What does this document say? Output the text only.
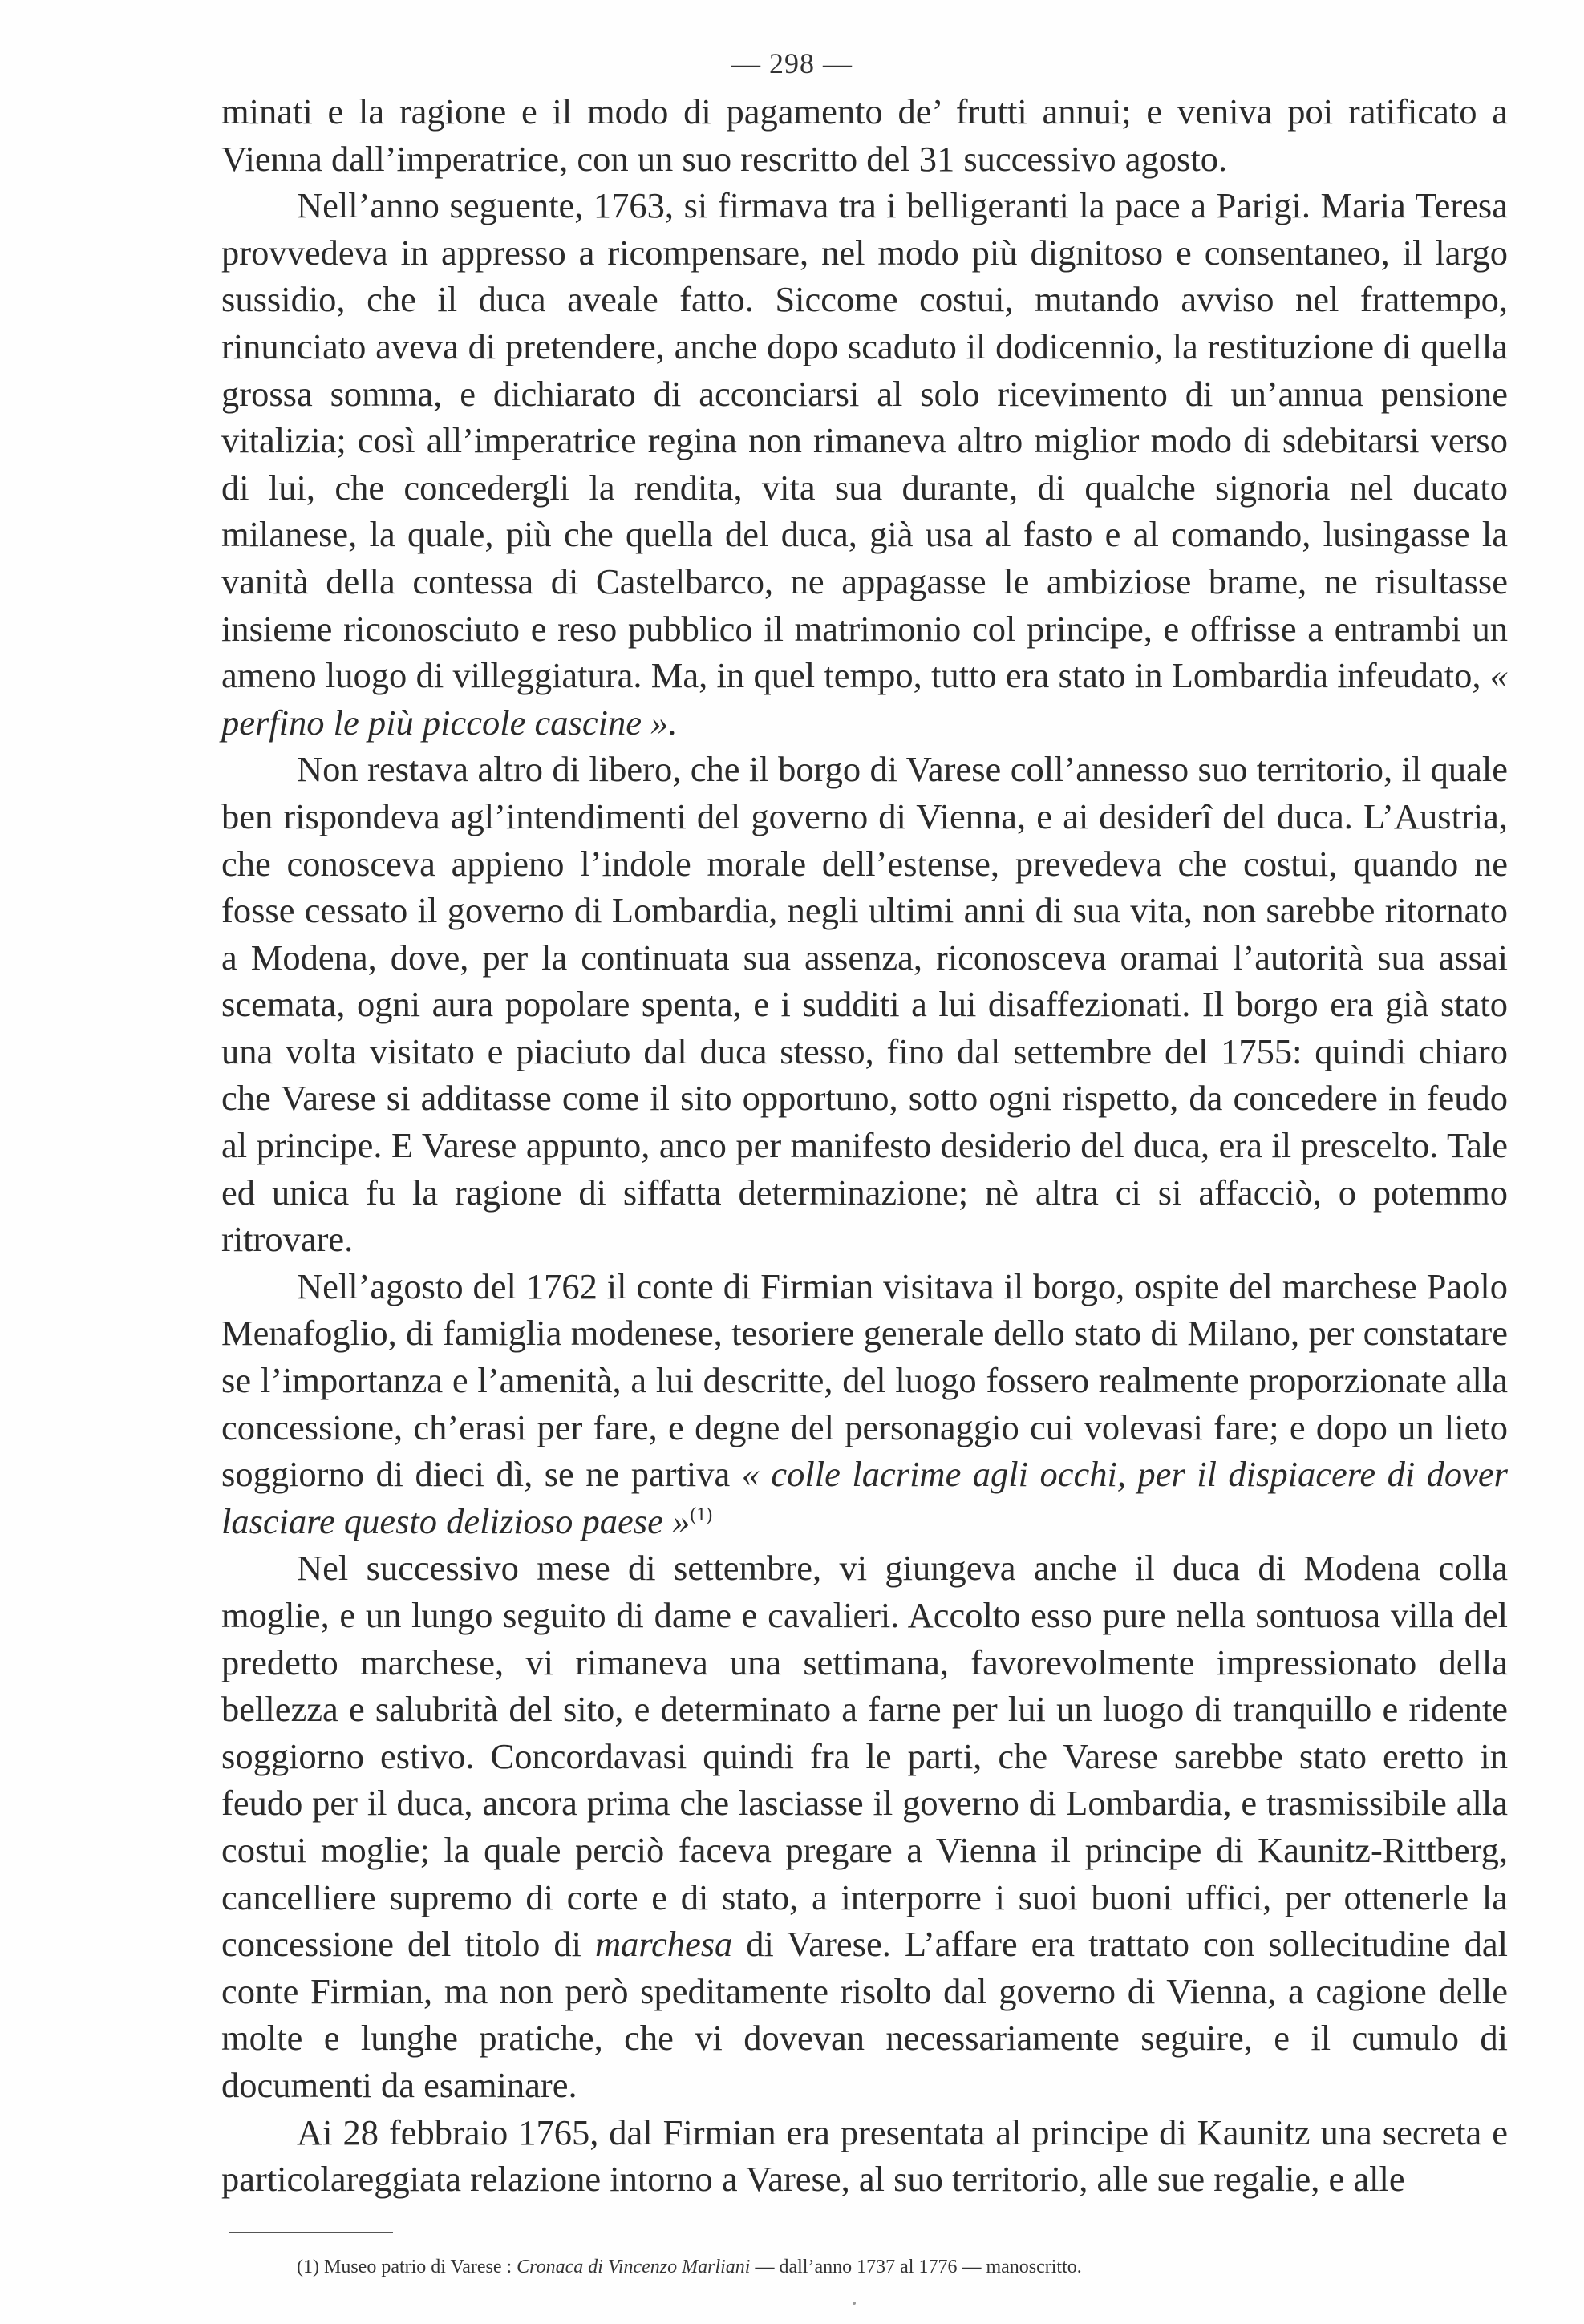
— 298 —

minati e la ragione e il modo di pagamento de’ frutti annui; e veniva poi ratificato a Vienna dall’imperatrice, con un suo rescritto del 31 successivo agosto.

Nell’anno seguente, 1763, si firmava tra i belligeranti la pace a Parigi. Maria Teresa provvedeva in appresso a ricompensare, nel modo più dignitoso e consentaneo, il largo sussidio, che il duca avealе fatto. Siccome costui, mutando avviso nel frattempo, rinunciato aveva di pretendere, anche dopo scaduto il dodicennio, la restituzione di quella grossa somma, e dichiarato di acconciarsi al solo ricevimento di un’annua pensione vitalizia; così all’imperatrice regina non rimaneva altro miglior modo di sdebitarsi verso di lui, che concedergli la rendita, vita sua durante, di qualche signoria nel ducato milanese, la quale, più che quella del duca, già usa al fasto e al comando, lusingasse la vanità della contessa di Castelbarco, ne appagasse le ambiziose brame, ne risultasse insieme riconosciuto e reso pubblico il matrimonio col principe, e offrisse a entrambi un ameno luogo di villeggiatura. Ma, in quel tempo, tutto era stato in Lombardia infeudato, « perfino le più piccole cascine ».

Non restava altro di libero, che il borgo di Varese coll’annesso suo territorio, il quale ben rispondeva agl’intendimenti del governo di Vienna, e ai desiderî del duca. L’Austria, che conosceva appieno l’indole morale dell’estense, prevedeva che costui, quando ne fosse cessato il governo di Lombardia, negli ultimi anni di sua vita, non sarebbe ritornato a Modena, dove, per la continuata sua assenza, riconosceva oramai l’autorità sua assai scemata, ogni aura popolare spenta, e i sudditi a lui disaffezionati. Il borgo era già stato una volta visitato e piaciuto dal duca stesso, fino dal settembre del 1755: quindi chiaro che Varese si additasse come il sito opportuno, sotto ogni rispetto, da concedere in feudo al principe. E Varese appunto, anco per manifesto desiderio del duca, era il prescelto. Tale ed unica fu la ragione di siffatta determinazione; nè altra ci si affacciò, o potemmo ritrovare.

Nell’agosto del 1762 il conte di Firmian visitava il borgo, ospite del marchese Paolo Menafoglio, di famiglia modenese, tesoriere generale dello stato di Milano, per constatare se l’importanza e l’amenità, a lui descritte, del luogo fossero realmente proporzionate alla concessione, ch’erasi per fare, e degne del personaggio cui volevasi fare; e dopo un lieto soggiorno di dieci dì, se ne partiva « colle lacrime agli occhi, per il dispiacere di dover lasciare questo delizioso paese »$^{(1)}$

Nel successivo mese di settembre, vi giungeva anche il duca di Modena colla moglie, e un lungo seguito di dame e cavalieri. Accolto esso pure nella sontuosa villa del predetto marchese, vi rimaneva una settimana, favorevolmente impressionato della bellezza e salubrità del sito, e determinato a farne per lui un luogo di tranquillo e ridente soggiorno estivo. Concordavasi quindi fra le parti, che Varese sarebbe stato eretto in feudo per il duca, ancora prima che lasciasse il governo di Lombardia, e trasmissibile alla costui moglie; la quale perciò faceva pregare a Vienna il principe di Kaunitz-Rittberg, cancelliere supremo di corte e di stato, a interporre i suoi buoni uffici, per ottenerle la concessione del titolo di marchesa di Varese. L’affare era trattato con sollecitudine dal conte Firmian, ma non però speditamente risolto dal governo di Vienna, a cagione delle molte e lunghe pratiche, che vi dovevan necessariamente seguire, e il cumulo di documenti da esaminare.

Ai 28 febbraio 1765, dal Firmian era presentata al principe di Kaunitz una secreta e particolareggiata relazione intorno a Varese, al suo territorio, alle sue regalie, e alle

(1) Museo patrio di Varese : Cronaca di Vincenzo Marliani — dall’anno 1737 al 1776 — manoscritto.
